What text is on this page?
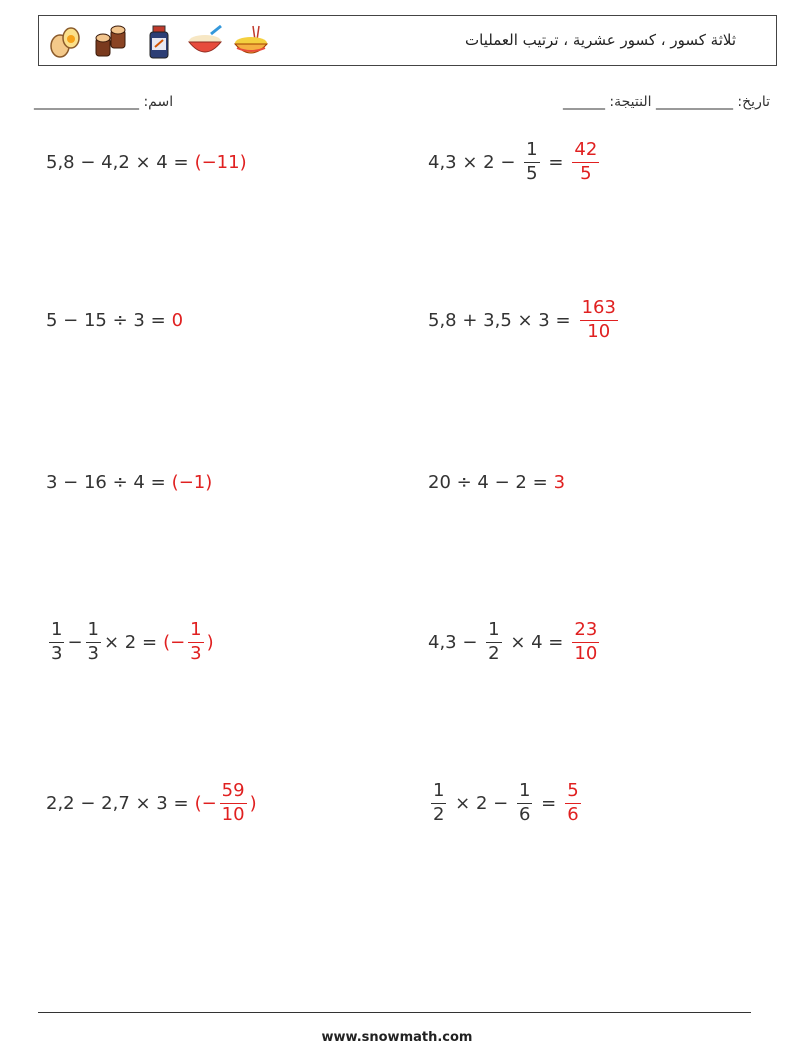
ثلاثة كسور ، كسور عشرية ، ترتيب العمليات
اسم: _______________	______ :تاريخ: ___________ النتيجة
5,8 − 4,2 × 4 = (−11)	$4,3 \times 2 - \frac{1}{5} = \frac{42}{5}$
5 − 15 ÷ 3 = 0	$5,8 + 3,5 \times 3 = \frac{163}{10}$
3 − 16 ÷ 4 = (−1)	20 ÷ 4 − 2 = 3
$\frac{1}{3} - \frac{1}{3} \times 2$ = (− $\frac{1}{3}$ )	$4,3 - \frac{1}{2} \times 4 = \frac{23}{10}$
2,2 − 2,7 × 3 = (− $\frac{59}{10}$ )	$\frac{1}{2} \times 2 - \frac{1}{6} = \frac{5}{6}$
www.snowmath.com
